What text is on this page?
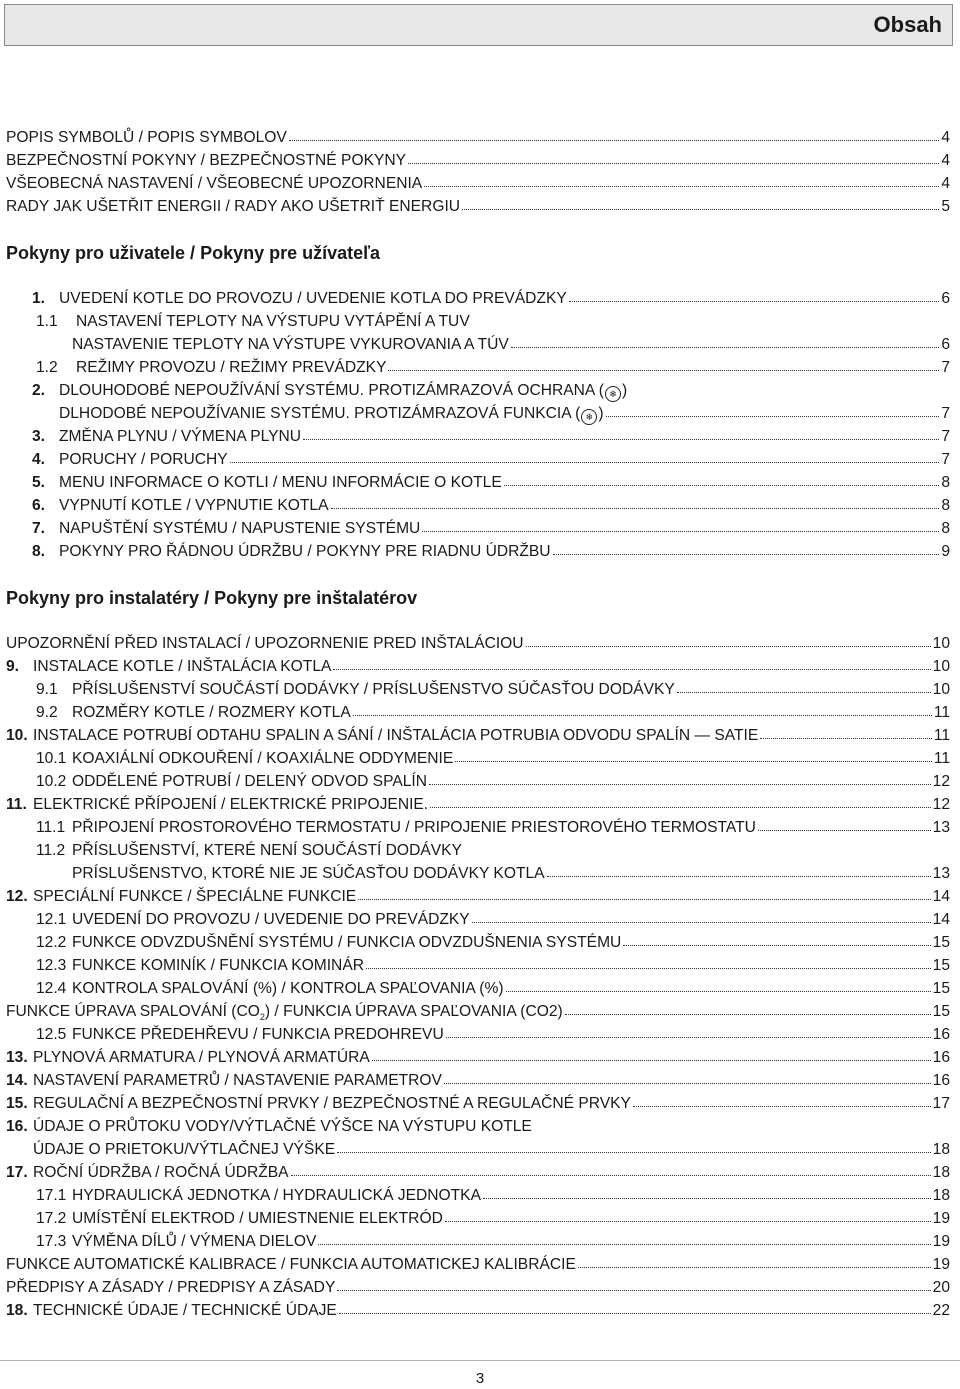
Obsah
POPIS SYMBOLŮ / POPIS SYMBOLOV	4
BEZPEČNOSTNÍ POKYNY / BEZPEČNOSTNÉ POKYNY	4
VŠEOBECNÁ NASTAVENÍ / VŠEOBECNÉ UPOZORNENIA	4
RADY JAK UŠETŘIT ENERGII / RADY AKO UŠETRIŤ ENERGIU	5
Pokyny pro uživatele / Pokyny pre užívateľa
1. UVEDENÍ KOTLE DO PROVOZU / UVEDENIE KOTLA DO PREVÁDZKY	6
1.1 NASTAVENÍ TEPLOTY NA VÝSTUPU VYTÁPĚNÍ A TUV
NASTAVENIE TEPLOTY NA VÝSTUPE VYKUROVANIA A TÚV	6
1.2 REŽIMY PROVOZU / REŽIMY PREVÁDZKY	7
2. DLOUHODOBÉ NEPOUŽÍVÁNÍ SYSTÉMU. PROTIZÁMRAZOVÁ OCHRANA ( ❄ )
DLHODOBÉ NEPOUŽÍVANIE SYSTÉMU. PROTIZÁMRAZOVÁ FUNKCIA ( ❄ )	7
3. ZMĚNA PLYNU / VÝMENA PLYNU	7
4. PORUCHY / PORUCHY	7
5. MENU INFORMACE O KOTLI / MENU INFORMÁCIE O KOTLE	8
6. VYPNUTÍ KOTLE / VYPNUTIE KOTLA	8
7. NAPUŠTĚNÍ SYSTÉMU / NAPUSTENIE SYSTÉMU	8
8. POKYNY PRO ŘÁDNOU ÚDRŽBU / POKYNY PRE RIADNU ÚDRŽBU	9
Pokyny pro instalatéry / Pokyny pre inštalatérov
UPOZORNĚNÍ PŘED INSTALACÍ / UPOZORNENIE PRED INŠTALÁCIOU	10
9. INSTALACE KOTLE / INŠTALÁCIA KOTLA	10
9.1 PŘÍSLUŠENSTVÍ SOUČÁSTÍ DODÁVKY / PRÍSLUŠENSTVO SÚČASŤOU DODÁVKY	10
9.2 ROZMĚRY KOTLE / ROZMERY KOTLA	11
10. INSTALACE POTRUBÍ ODTAHU SPALIN A SÁNÍ / INŠTALÁCIA POTRUBIA ODVODU SPALÍN — SATIE	11
10.1 KOAXIÁLNÍ ODKOUŘENÍ / KOAXIÁLNE ODDYMENIE	11
10.2 ODDĚLENÉ POTRUBÍ / DELENÝ ODVOD SPALÍN	12
11. ELEKTRICKÉ PŘÍPOJENÍ / ELEKTRICKÉ PRIPOJENIE.	12
11.1 PŘIPOJENÍ PROSTOROVÉHO TERMOSTATU / PRIPOJENIE PRIESTOROVÉHO TERMOSTATU	13
11.2 PŘÍSLUŠENSTVÍ, KTERÉ NENÍ SOUČÁSTÍ DODÁVKY
PRÍSLUŠENSTVO, KTORÉ NIE JE SÚČASŤOU DODÁVKY KOTLA	13
12. SPECIÁLNÍ FUNKCE / ŠPECIÁLNE FUNKCIE	14
12.1 UVEDENÍ DO PROVOZU / UVEDENIE DO PREVÁDZKY	14
12.2 FUNKCE ODVZDUŠNĚNÍ SYSTÉMU / FUNKCIA ODVZDUŠNENIA SYSTÉMU	15
12.3 FUNKCE KOMINÍK / FUNKCIA KOMINÁR	15
12.4 KONTROLA SPALOVÁNÍ (%) / KONTROLA SPAĽOVANIA (%)	15
FUNKCE ÚPRAVA SPALOVÁNÍ $(CO_2)$ / FUNKCIA ÚPRAVA SPAĽOVANIA (CO2)	15
12.5 FUNKCE PŘEDEHŘEVU / FUNKCIA PREDOHREVU	16
13. PLYNOVÁ ARMATURA / PLYNOVÁ ARMATÚRA	16
14. NASTAVENÍ PARAMETRŮ / NASTAVENIE PARAMETROV	16
15. REGULAČNÍ A BEZPEČNOSTNÍ PRVKY / BEZPEČNOSTNÉ A REGULAČNÉ PRVKY	17
16. ÚDAJE O PRŮTOKU VODY/VÝTLAČNÉ VÝŠCE NA VÝSTUPU KOTLE
ÚDAJE O PRIETOKU/VÝTLAČNEJ VÝŠKE	18
17. ROČNÍ ÚDRŽBA / ROČNÁ ÚDRŽBA	18
17.1 HYDRAULICKÁ JEDNOTKA / HYDRAULICKÁ JEDNOTKA	18
17.2 UMÍSTĚNÍ ELEKTROD / UMIESTNENIE ELEKTRÓD	19
17.3 VÝMĚNA DÍLŮ / VÝMENA DIELOV	19
FUNKCE AUTOMATICKÉ KALIBRACE / FUNKCIA AUTOMATICKEJ KALIBRÁCIE	19
PŘEDPISY A ZÁSADY / PREDPISY A ZÁSADY	20
18. TECHNICKÉ ÚDAJE / TECHNICKÉ ÚDAJE	22
3
